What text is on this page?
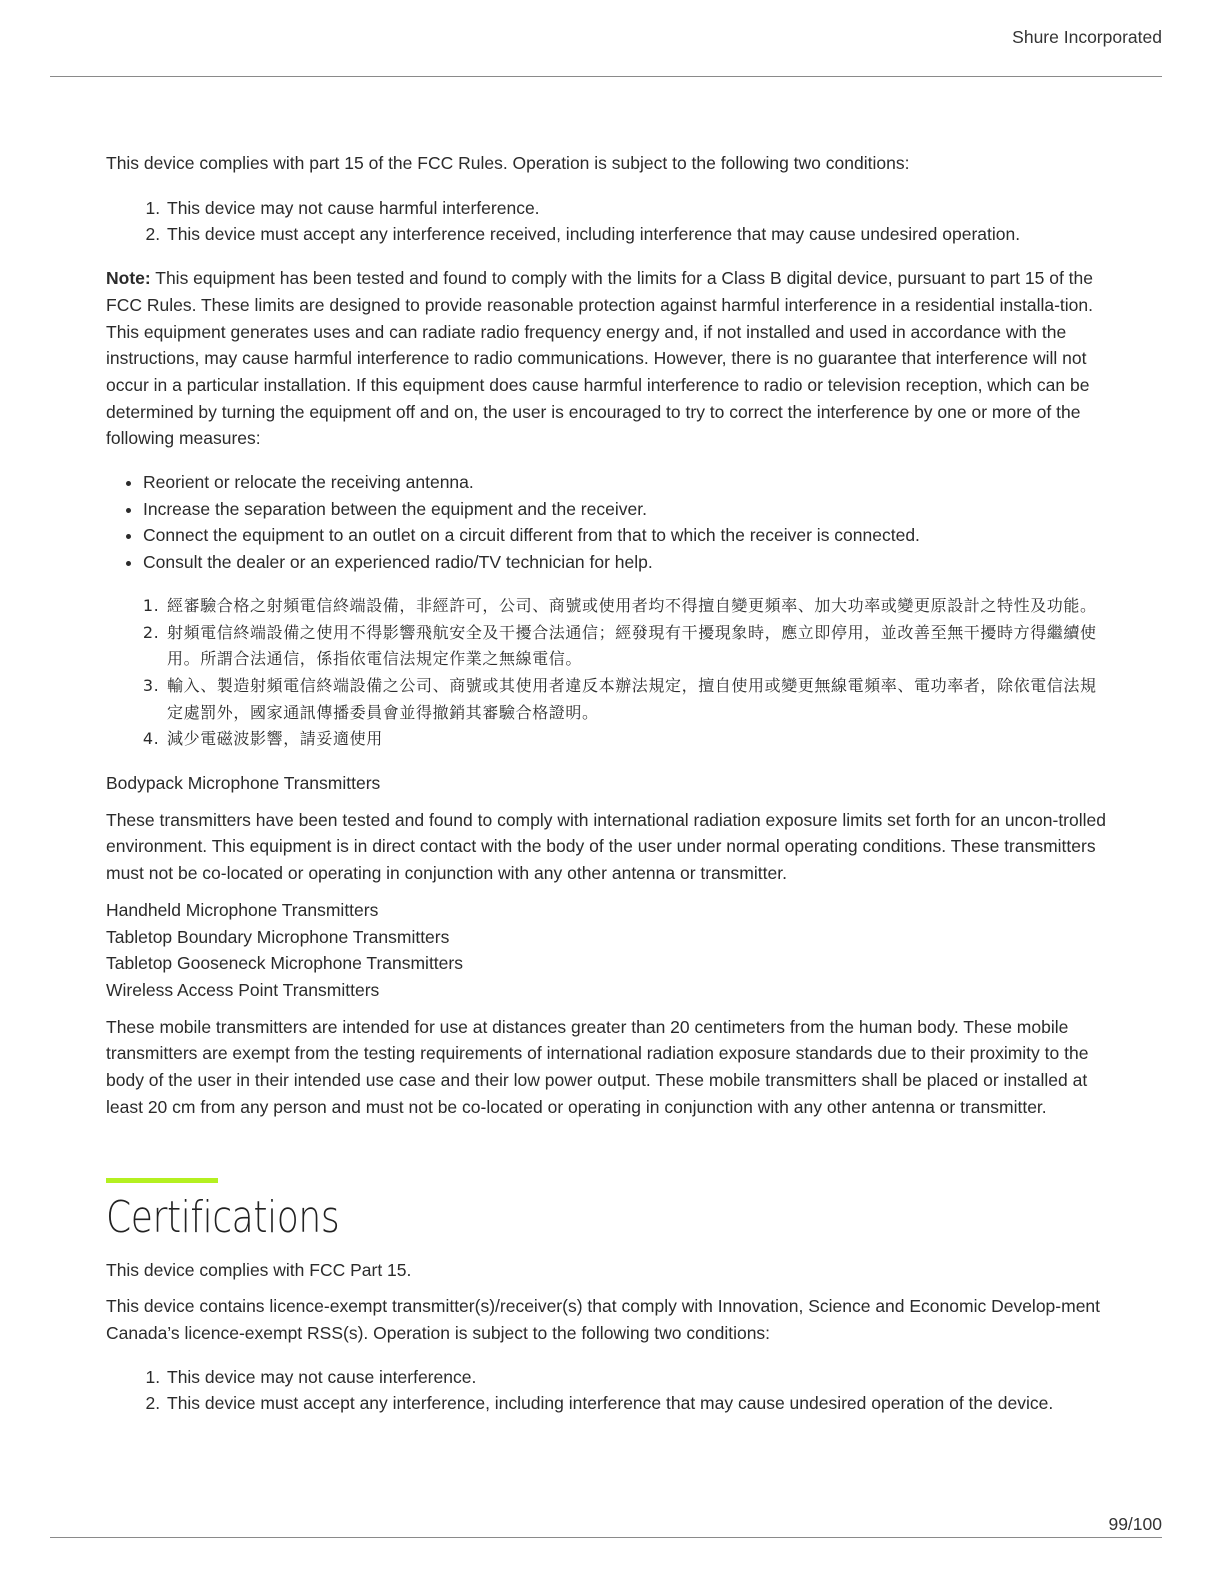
Shure Incorporated

This device complies with part 15 of the FCC Rules. Operation is subject to the following two conditions:

1. This device may not cause harmful interference.
2. This device must accept any interference received, including interference that may cause undesired operation.

Note: This equipment has been tested and found to comply with the limits for a Class B digital device, pursuant to part 15 of the FCC Rules. These limits are designed to provide reasonable protection against harmful interference in a residential installa-tion. This equipment generates uses and can radiate radio frequency energy and, if not installed and used in accordance with the instructions, may cause harmful interference to radio communications. However, there is no guarantee that interference will not occur in a particular installation. If this equipment does cause harmful interference to radio or television reception, which can be determined by turning the equipment off and on, the user is encouraged to try to correct the interference by one or more of the following measures:

• Reorient or relocate the receiving antenna.
• Increase the separation between the equipment and the receiver.
• Connect the equipment to an outlet on a circuit different from that to which the receiver is connected.
• Consult the dealer or an experienced radio/TV technician for help.
1. 經審驗合格之射頻電信終端設備，非經許可，公司、商號或使用者均不得擅自變更頻率、加大功率或變更原設計之特性及功能。
2. 射頻電信終端設備之使用不得影響飛航安全及干擾合法通信；經發現有干擾現象時，應立即停用，並改善至無干擾時方得繼續使用。所謂合法通信，係指依電信法規定作業之無線電信。
3. 輸入、製造射頻電信終端設備之公司、商號或其使用者違反本辦法規定，擅自使用或變更無線電頻率、電功率者，除依電信法規定處罰外，國家通訊傳播委員會並得撤銷其審驗合格證明。
4. 減少電磁波影響，請妥適使用

Bodypack Microphone Transmitters

These transmitters have been tested and found to comply with international radiation exposure limits set forth for an uncon-trolled environment. This equipment is in direct contact with the body of the user under normal operating conditions. These transmitters must not be co-located or operating in conjunction with any other antenna or transmitter.

Handheld Microphone Transmitters

Tabletop Boundary Microphone Transmitters

Tabletop Gooseneck Microphone Transmitters

Wireless Access Point Transmitters

These mobile transmitters are intended for use at distances greater than 20 centimeters from the human body. These mobile transmitters are exempt from the testing requirements of international radiation exposure standards due to their proximity to the body of the user in their intended use case and their low power output. These mobile transmitters shall be placed or installed at least 20 cm from any person and must not be co-located or operating in conjunction with any other antenna or transmitter.

Certifications

This device complies with FCC Part 15.

This device contains licence-exempt transmitter(s)/receiver(s) that comply with Innovation, Science and Economic Develop-ment Canada’s licence-exempt RSS(s). Operation is subject to the following two conditions:

1. This device may not cause interference.
2. This device must accept any interference, including interference that may cause undesired operation of the device.
99/100
